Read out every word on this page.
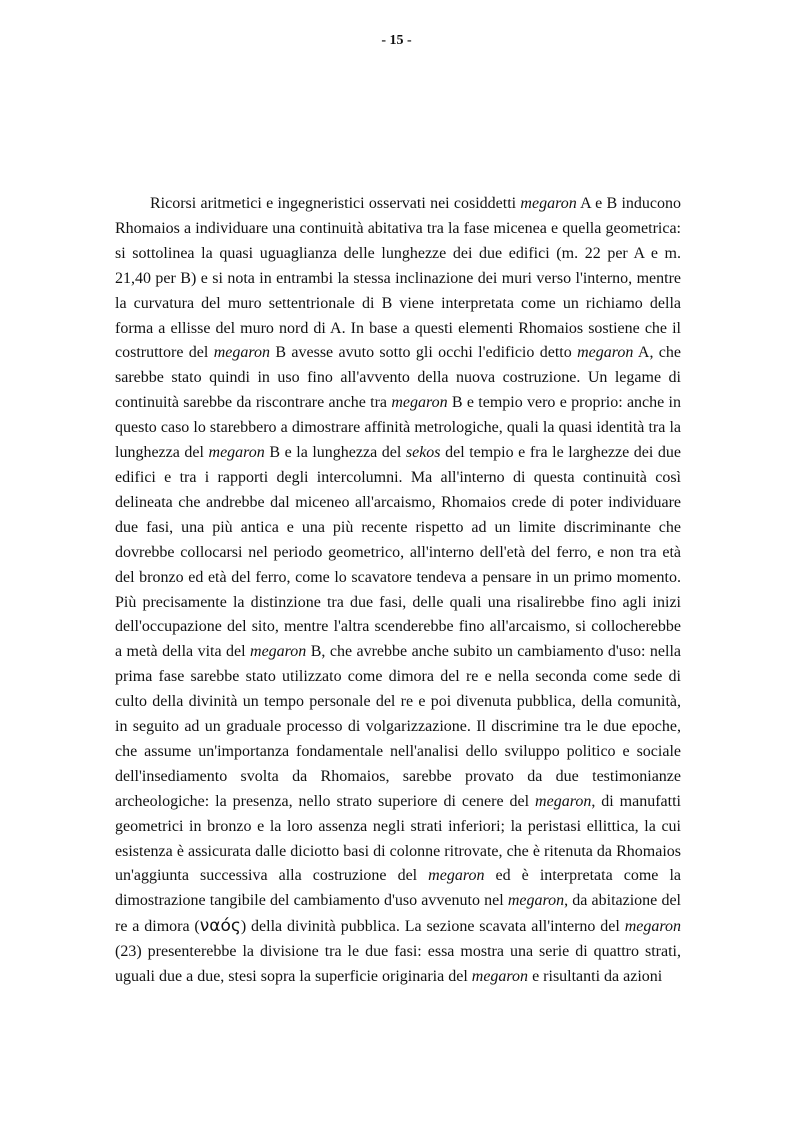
- 15 -

Ricorsi aritmetici e ingegneristici osservati nei cosiddetti megaron A e B inducono Rhomaios a individuare una continuità abitativa tra la fase micenea e quella geometrica: si sottolinea la quasi uguaglianza delle lunghezze dei due edifici (m. 22 per A e m. 21,40 per B) e si nota in entrambi la stessa inclinazione dei muri verso l'interno, mentre la curvatura del muro settentrionale di B viene interpretata come un richiamo della forma a ellisse del muro nord di A. In base a questi elementi Rhomaios sostiene che il costruttore del megaron B avesse avuto sotto gli occhi l'edificio detto megaron A, che sarebbe stato quindi in uso fino all'avvento della nuova costruzione. Un legame di continuità sarebbe da riscontrare anche tra megaron B e tempio vero e proprio: anche in questo caso lo starebbero a dimostrare affinità metrologiche, quali la quasi identità tra la lunghezza del megaron B e la lunghezza del sekos del tempio e fra le larghezze dei due edifici e tra i rapporti degli intercolumni. Ma all'interno di questa continuità così delineata che andrebbe dal miceneo all'arcaismo, Rhomaios crede di poter individuare due fasi, una più antica e una più recente rispetto ad un limite discriminante che dovrebbe collocarsi nel periodo geometrico, all'interno dell'età del ferro, e non tra età del bronzo ed età del ferro, come lo scavatore tendeva a pensare in un primo momento. Più precisamente la distinzione tra due fasi, delle quali una risalirebbe fino agli inizi dell'occupazione del sito, mentre l'altra scenderebbe fino all'arcaismo, si collocherebbe a metà della vita del megaron B, che avrebbe anche subito un cambiamento d'uso: nella prima fase sarebbe stato utilizzato come dimora del re e nella seconda come sede di culto della divinità un tempo personale del re e poi divenuta pubblica, della comunità, in seguito ad un graduale processo di volgarizzazione. Il discrimine tra le due epoche, che assume un'importanza fondamentale nell'analisi dello sviluppo politico e sociale dell'insediamento svolta da Rhomaios, sarebbe provato da due testimonianze archeologiche: la presenza, nello strato superiore di cenere del megaron, di manufatti geometrici in bronzo e la loro assenza negli strati inferiori; la peristasi ellittica, la cui esistenza è assicurata dalle diciotto basi di colonne ritrovate, che è ritenuta da Rhomaios un'aggiunta successiva alla costruzione del megaron ed è interpretata come la dimostrazione tangibile del cambiamento d'uso avvenuto nel megaron, da abitazione del re a dimora (ναός) della divinità pubblica. La sezione scavata all'interno del megaron (23) presenterebbe la divisione tra le due fasi: essa mostra una serie di quattro strati, uguali due a due, stesi sopra la superficie originaria del megaron e risultanti da azioni
